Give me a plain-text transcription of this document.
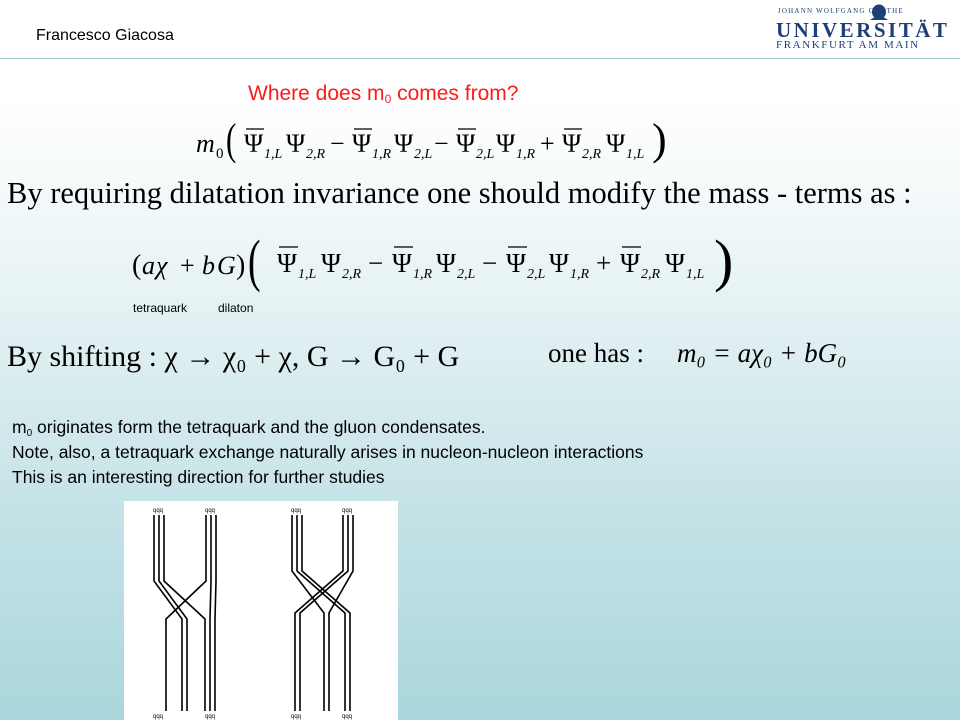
Francesco Giacosa
JOHANN WOLFGANG GOETHE
UNIVERSITÄT
FRANKFURT AM MAIN
Where does $m_0$ comes from?
m 0 ( Ψ 1,L Ψ 2,R − Ψ 1,R Ψ 2,L − Ψ 2,L Ψ 1,R + Ψ 2,R Ψ 1,L )
By requiring dilatation invariance one should modify the mass - terms as :
( a χ + b G ) ( Ψ 1,L Ψ 2,R − Ψ 1,R Ψ 2,L − Ψ 2,L Ψ 1,R + Ψ 2,R Ψ 1,L )
tetraquark	dilaton
By shifting : χ → χ₀ + χ, G → G₀ + G	one has : m₀ = aχ₀ + bG₀
$m_0$ originates form the tetraquark and the gluon condensates.
Note, also, a tetraquark exchange naturally arises in nucleon-nucleon interactions
This is an interesting direction for further studies
qqq	qqq	qqq	qqq
qqq	qqq	qqq	qqq
